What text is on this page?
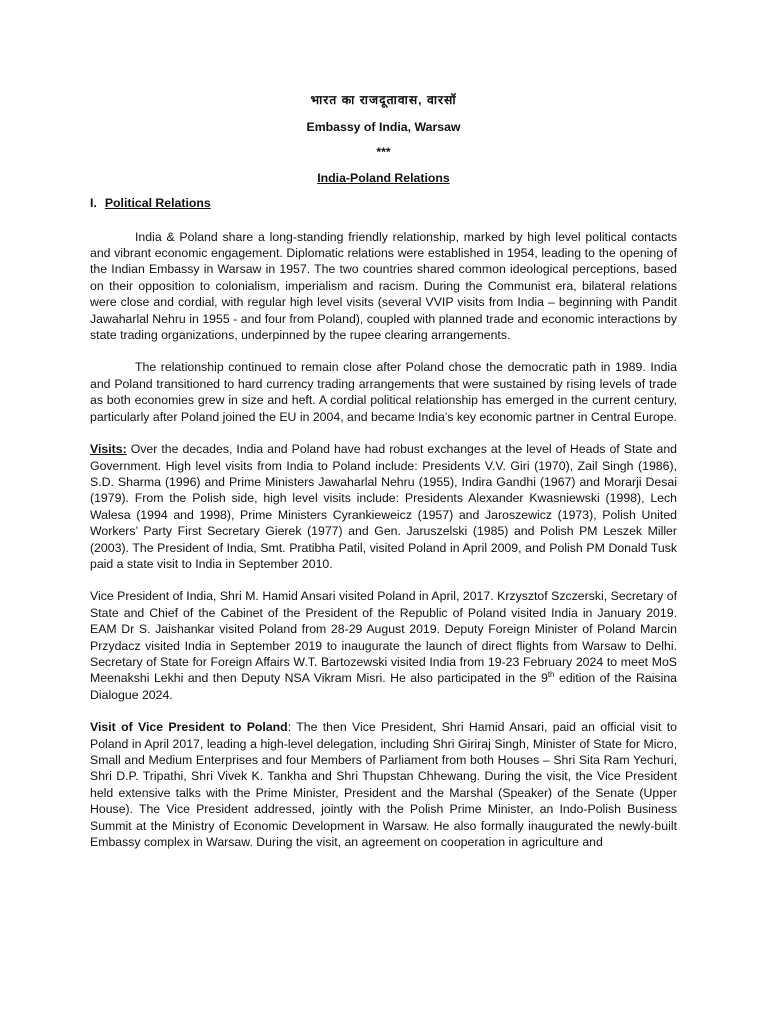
भारत का राजदूतावास, वारसॉ
Embassy of India, Warsaw
***
India-Poland Relations
I. Political Relations

India & Poland share a long-standing friendly relationship, marked by high level political contacts and vibrant economic engagement. Diplomatic relations were established in 1954, leading to the opening of the Indian Embassy in Warsaw in 1957. The two countries shared common ideological perceptions, based on their opposition to colonialism, imperialism and racism. During the Communist era, bilateral relations were close and cordial, with regular high level visits (several VVIP visits from India – beginning with Pandit Jawaharlal Nehru in 1955 - and four from Poland), coupled with planned trade and economic interactions by state trading organizations, underpinned by the rupee clearing arrangements.

The relationship continued to remain close after Poland chose the democratic path in 1989. India and Poland transitioned to hard currency trading arrangements that were sustained by rising levels of trade as both economies grew in size and heft. A cordial political relationship has emerged in the current century, particularly after Poland joined the EU in 2004, and became India’s key economic partner in Central Europe.

Visits: Over the decades, India and Poland have had robust exchanges at the level of Heads of State and Government. High level visits from India to Poland include: Presidents V.V. Giri (1970), Zail Singh (1986), S.D. Sharma (1996) and Prime Ministers Jawaharlal Nehru (1955), Indira Gandhi (1967) and Morarji Desai (1979). From the Polish side, high level visits include: Presidents Alexander Kwasniewski (1998), Lech Walesa (1994 and 1998), Prime Ministers Cyrankieweicz (1957) and Jaroszewicz (1973), Polish United Workers’ Party First Secretary Gierek (1977) and Gen. Jaruszelski (1985) and Polish PM Leszek Miller (2003). The President of India, Smt. Pratibha Patil, visited Poland in April 2009, and Polish PM Donald Tusk paid a state visit to India in September 2010.

Vice President of India, Shri M. Hamid Ansari visited Poland in April, 2017. Krzysztof Szczerski, Secretary of State and Chief of the Cabinet of the President of the Republic of Poland visited India in January 2019. EAM Dr S. Jaishankar visited Poland from 28-29 August 2019. Deputy Foreign Minister of Poland Marcin Przydacz visited India in September 2019 to inaugurate the launch of direct flights from Warsaw to Delhi. Secretary of State for Foreign Affairs W.T. Bartozewski visited India from 19-23 February 2024 to meet MoS Meenakshi Lekhi and then Deputy NSA Vikram Misri. He also participated in the 9th edition of the Raisina Dialogue 2024.

Visit of Vice President to Poland: The then Vice President, Shri Hamid Ansari, paid an official visit to Poland in April 2017, leading a high-level delegation, including Shri Giriraj Singh, Minister of State for Micro, Small and Medium Enterprises and four Members of Parliament from both Houses – Shri Sita Ram Yechuri, Shri D.P. Tripathi, Shri Vivek K. Tankha and Shri Thupstan Chhewang. During the visit, the Vice President held extensive talks with the Prime Minister, President and the Marshal (Speaker) of the Senate (Upper House). The Vice President addressed, jointly with the Polish Prime Minister, an Indo-Polish Business Summit at the Ministry of Economic Development in Warsaw. He also formally inaugurated the newly-built Embassy complex in Warsaw. During the visit, an agreement on cooperation in agriculture and
